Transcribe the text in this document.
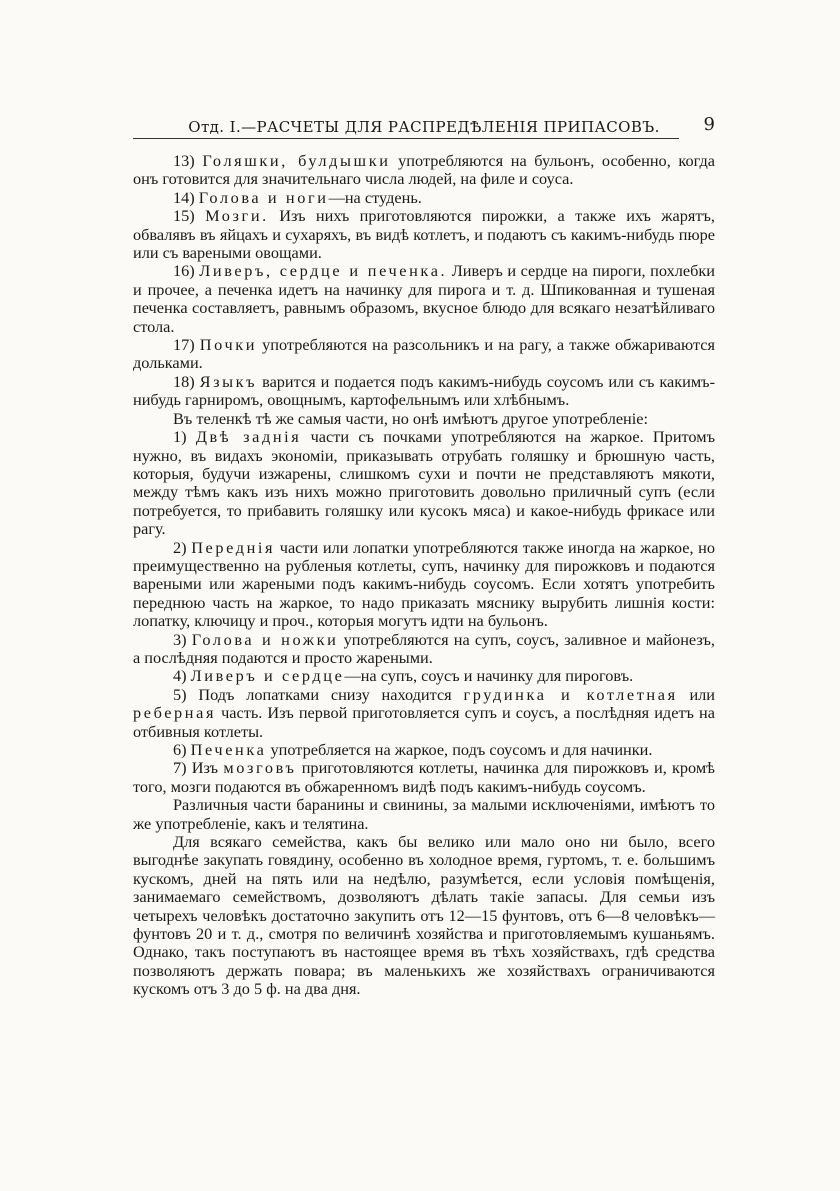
Отд. I.—РАСЧЕТЫ ДЛЯ РАСПРЕДѢЛЕНІЯ ПРИПАСОВЪ.	9

13) Голяшки, булдышки употребляются на бульонъ, особенно, когда онъ готовится для значительнаго числа людей, на филе и соуса.

14) Голова и ноги—на студень.

15) Мозги. Изъ нихъ приготовляются пирожки, а также ихъ жарятъ, обвалявъ въ яйцахъ и сухаряхъ, въ видѣ котлетъ, и подаютъ съ какимъ-нибудь пюре или съ вареными овощами.

16) Ливеръ, сердце и печенка. Ливеръ и сердце на пироги, похлебки и прочее, а печенка идетъ на начинку для пирога и т. д. Шпикованная и тушеная печенка составляетъ, равнымъ образомъ, вкусное блюдо для всякаго незатѣйливаго стола.

17) Почки употребляются на разсольникъ и на рагу, а также обжариваются дольками.

18) Языкъ варится и подается подъ какимъ-нибудь соусомъ или съ какимъ-нибудь гарниромъ, овощнымъ, картофельнымъ или хлѣбнымъ.

Въ теленкѣ тѣ же самыя части, но онѣ имѣютъ другое употребленіе:

1) Двѣ заднія части съ почками употребляются на жаркое. Притомъ нужно, въ видахъ экономіи, приказывать отрубать голяшку и брюшную часть, которыя, будучи изжарены, слишкомъ сухи и почти не представляютъ мякоти, между тѣмъ какъ изъ нихъ можно приготовить довольно приличный супъ (если потребуется, то прибавить голяшку или кусокъ мяса) и какое-нибудь фрикасе или рагу.

2) Переднія части или лопатки употребляются также иногда на жаркое, но преимущественно на рубленыя котлеты, супъ, начинку для пирожковъ и подаются вареными или жареными подъ какимъ-нибудь соусомъ. Если хотятъ употребить переднюю часть на жаркое, то надо приказать мяснику вырубить лишнія кости: лопатку, ключицу и проч., которыя могутъ идти на бульонъ.

3) Голова и ножки употребляются на супъ, соусъ, заливное и майонезъ, а послѣдняя подаются и просто жареными.

4) Ливеръ и сердце—на супъ, соусъ и начинку для пироговъ.

5) Подъ лопатками снизу находится грудинка и котлетная или реберная часть. Изъ первой приготовляется супъ и соусъ, а послѣдняя идетъ на отбивныя котлеты.

6) Печенка употребляется на жаркое, подъ соусомъ и для начинки.

7) Изъ мозговъ приготовляются котлеты, начинка для пирожковъ и, кромѣ того, мозги подаются въ обжаренномъ видѣ подъ какимъ-нибудь соусомъ.

Различныя части баранины и свинины, за малыми исключеніями, имѣютъ то же употребленіе, какъ и телятина.

Для всякаго семейства, какъ бы велико или мало оно ни было, всего выгоднѣе закупать говядину, особенно въ холодное время, гуртомъ, т. е. большимъ кускомъ, дней на пять или на недѣлю, разумѣется, если условія помѣщенія, занимаемаго семействомъ, дозволяютъ дѣлать такіе запасы. Для семьи изъ четырехъ человѣкъ достаточно закупить отъ 12—15 фунтовъ, отъ 6—8 человѣкъ—фунтовъ 20 и т. д., смотря по величинѣ хозяйства и приготовляемымъ кушаньямъ. Однако, такъ поступаютъ въ настоящее время въ тѣхъ хозяйствахъ, гдѣ средства позволяютъ держать повара; въ маленькихъ же хозяйствахъ ограничиваются кускомъ отъ 3 до 5 ф. на два дня.
